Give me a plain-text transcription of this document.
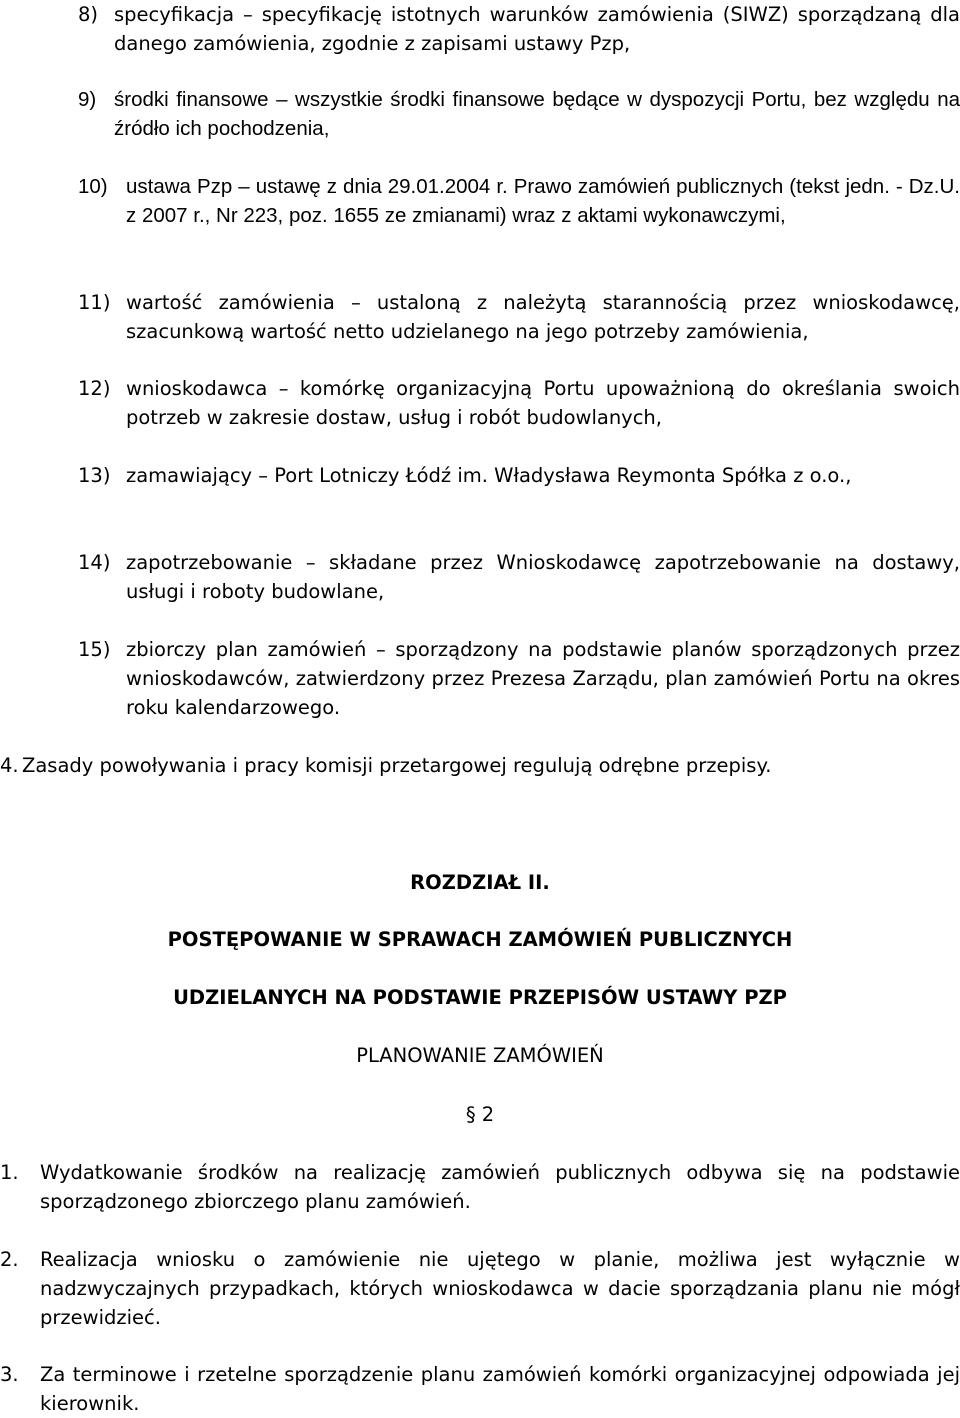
8) specyfikacja – specyfikację istotnych warunków zamówienia (SIWZ) sporządzaną dla danego zamówienia, zgodnie z zapisami ustawy Pzp,
9) środki finansowe – wszystkie środki finansowe będące w dyspozycji Portu, bez względu na źródło ich pochodzenia,
10) ustawa Pzp – ustawę z dnia 29.01.2004 r. Prawo zamówień publicznych (tekst jedn. - Dz.U. z 2007 r., Nr 223, poz. 1655 ze zmianami) wraz z aktami wykonawczymi,
11) wartość zamówienia – ustaloną z należytą starannością przez wnioskodawcę, szacunkową wartość netto udzielanego na jego potrzeby zamówienia,
12) wnioskodawca – komórkę organizacyjną Portu upoważnioną do określania swoich potrzeb w zakresie dostaw, usług i robót budowlanych,
13) zamawiający – Port Lotniczy Łódź im. Władysława Reymonta Spółka z o.o.,
14) zapotrzebowanie – składane przez Wnioskodawcę zapotrzebowanie na dostawy, usługi i roboty budowlane,
15) zbiorczy plan zamówień – sporządzony na podstawie planów sporządzonych przez wnioskodawców, zatwierdzony przez Prezesa Zarządu, plan zamówień Portu na okres roku kalendarzowego.
4. Zasady powoływania i pracy komisji przetargowej regulują odrębne przepisy.
ROZDZIAŁ II.
POSTĘPOWANIE W SPRAWACH ZAMÓWIEŃ PUBLICZNYCH
UDZIELANYCH NA PODSTAWIE PRZEPISÓW USTAWY PZP
PLANOWANIE ZAMÓWIEŃ
§ 2
1.	Wydatkowanie środków na realizację zamówień publicznych odbywa się na podstawie sporządzonego zbiorczego planu zamówień.
2.	Realizacja wniosku o zamówienie nie ujętego w planie, możliwa jest wyłącznie w nadzwyczajnych przypadkach, których wnioskodawca w dacie sporządzania planu nie mógł przewidzieć.
3.	Za terminowe i rzetelne sporządzenie planu zamówień komórki organizacyjnej odpowiada jej kierownik.
